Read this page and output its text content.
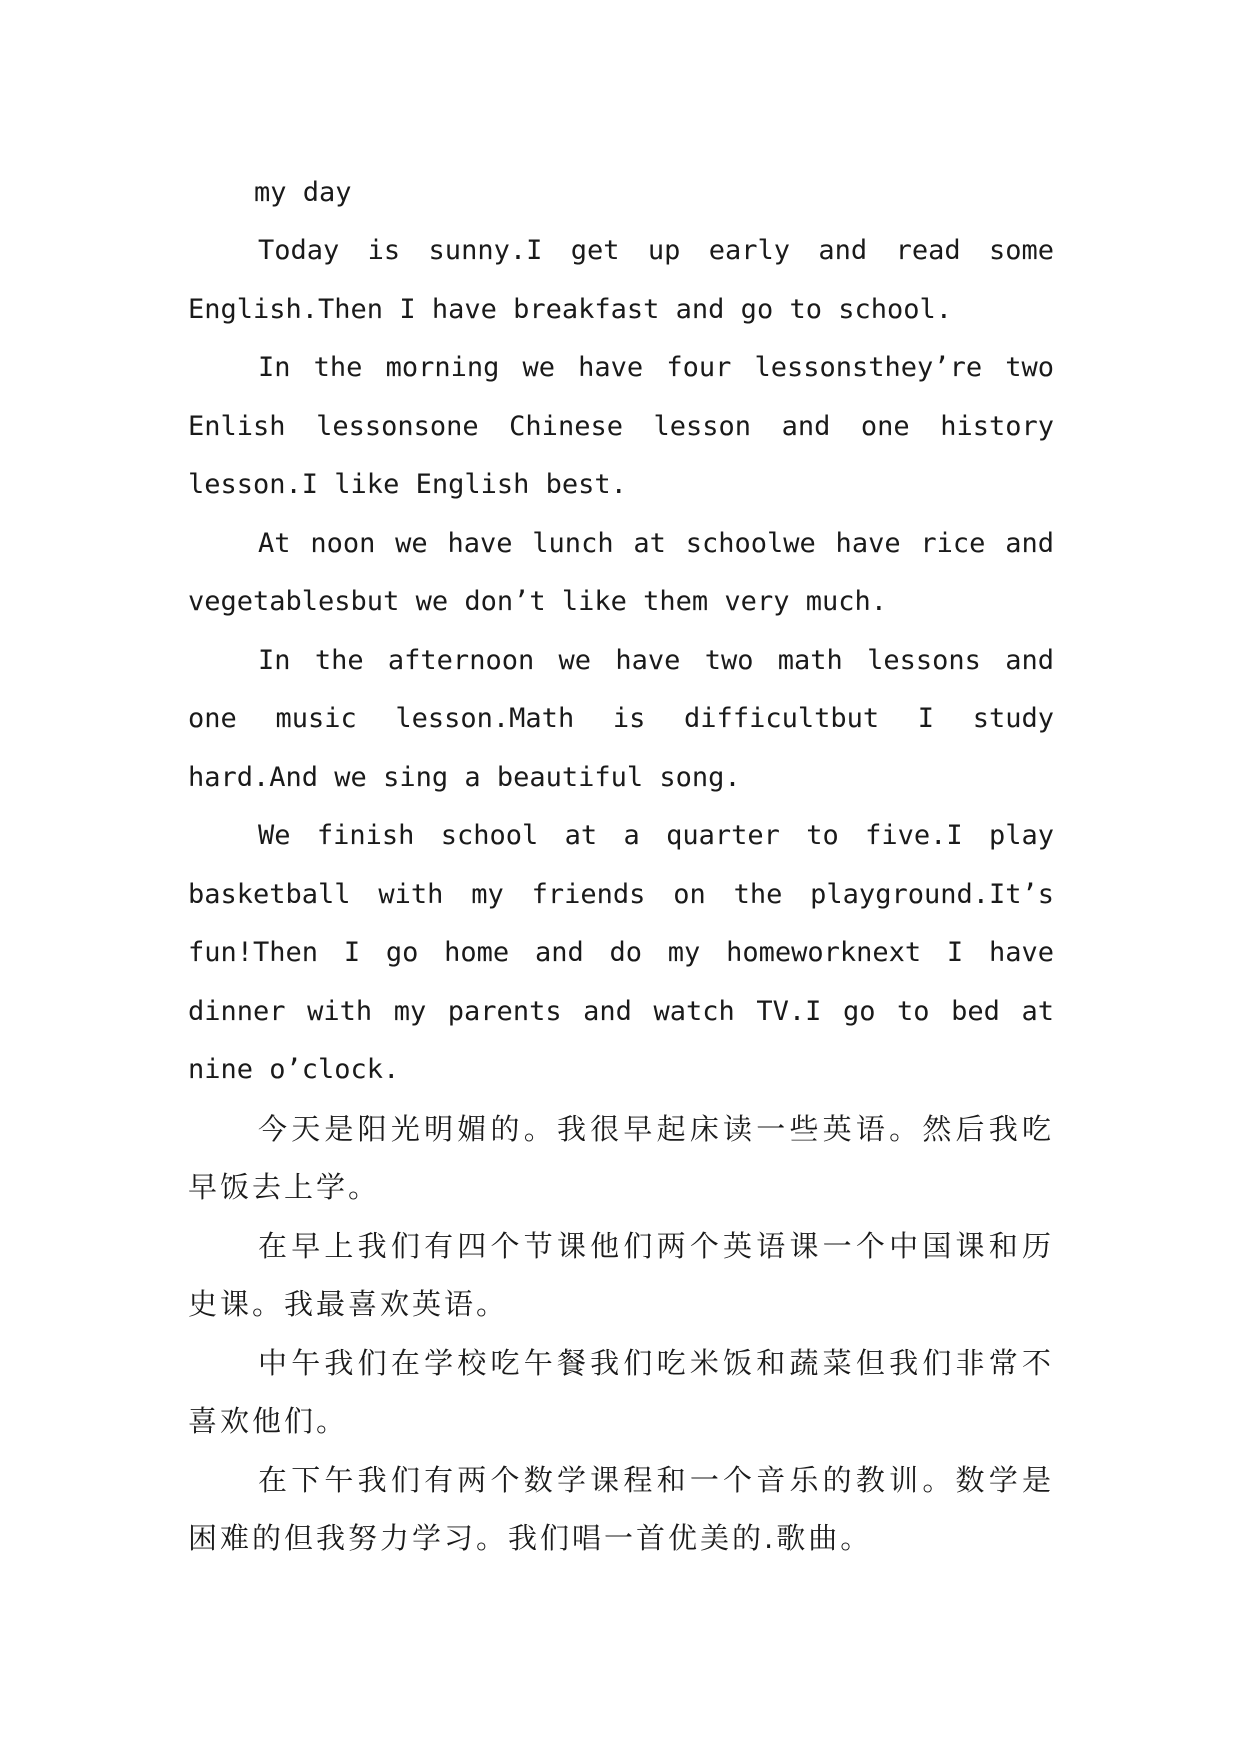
my day

Today is sunny.I get up early and read some English.Then I have breakfast and go to school.

In the morning we have four lessonsthey’re two Enlish lessonsone Chinese lesson and one history lesson.I like English best.

At noon we have lunch at schoolwe have rice and vegetablesbut we don’t like them very much.

In the afternoon we have two math lessons and one music lesson.Math is difficultbut I study hard.And we sing a beautiful song.

We finish school at a quarter to five.I play basketball with my friends on the playground.It’s fun!Then I go home and do my homeworknext I have dinner with my parents and watch TV.I go to bed at nine o’clock.

今天是阳光明媚的。我很早起床读一些英语。然后我吃早饭去上学。

在早上我们有四个节课他们两个英语课一个中国课和历史课。我最喜欢英语。

中午我们在学校吃午餐我们吃米饭和蔬菜但我们非常不喜欢他们。

在下午我们有两个数学课程和一个音乐的教训。数学是困难的但我努力学习。我们唱一首优美的.歌曲。
